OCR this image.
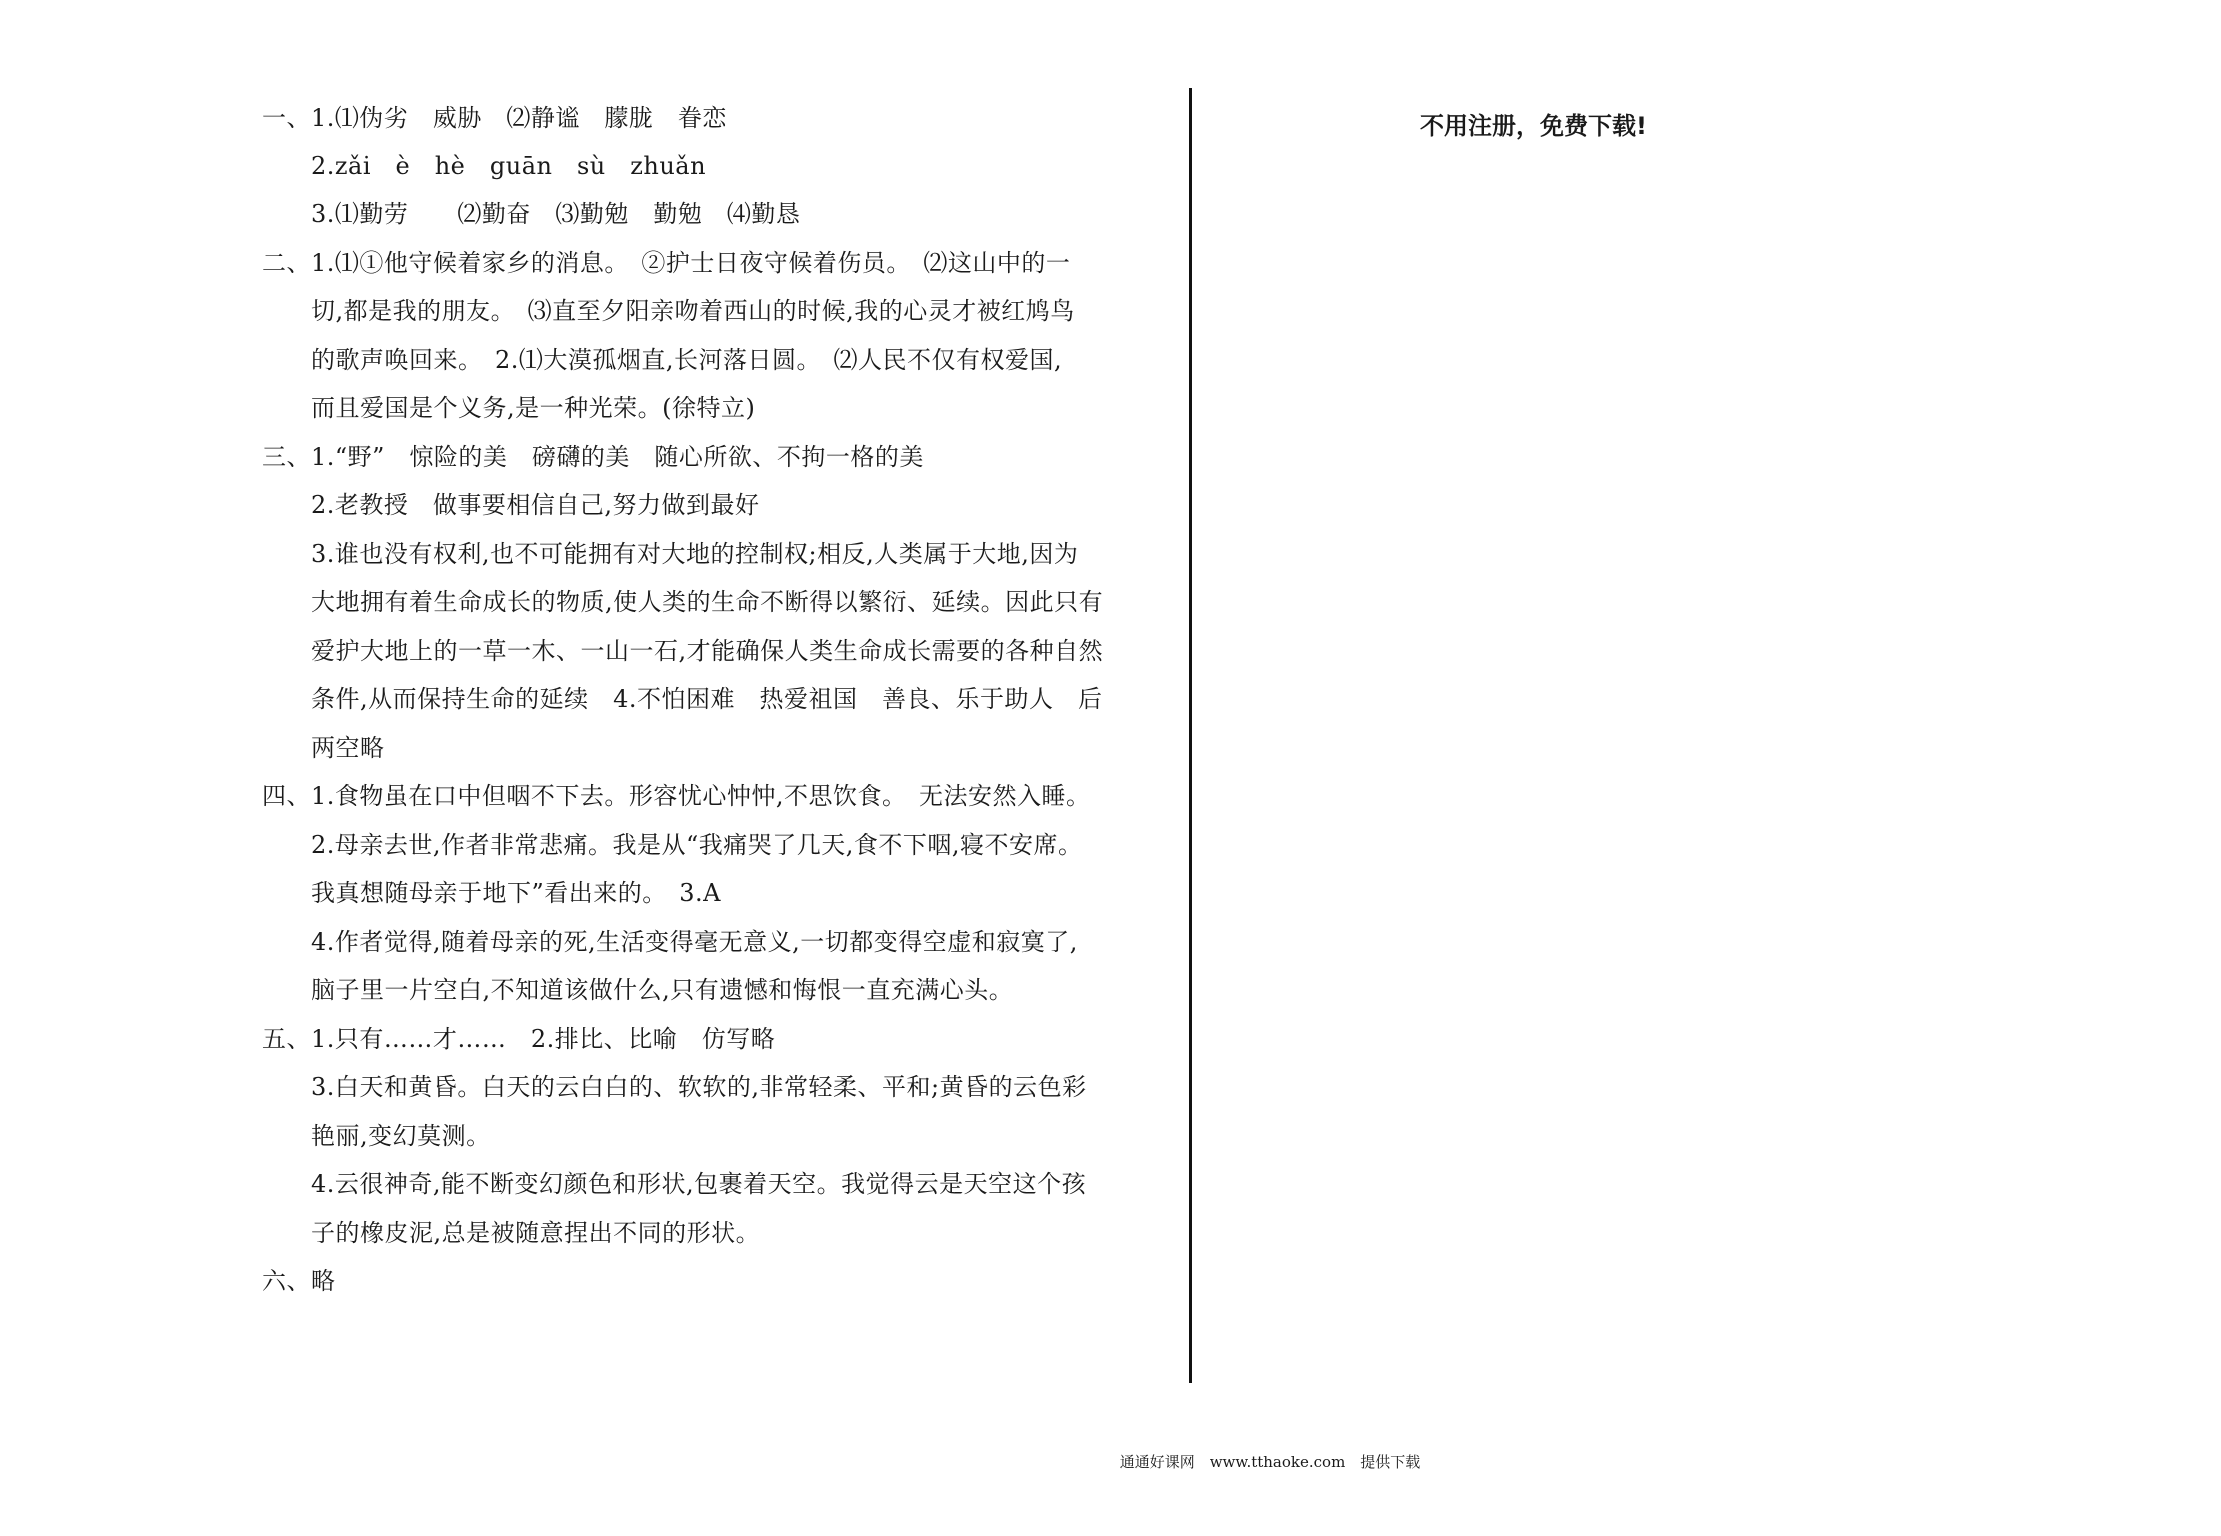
一、1.⑴伪劣　威胁　⑵静谧　朦胧　眷恋
　　2.zǎi　è　hè　guān　sù　zhuǎn
　　3.⑴勤劳　　⑵勤奋　⑶勤勉　勤勉　⑷勤恳
二、1.⑴①他守候着家乡的消息。　②护士日夜守候着伤员。　⑵这山中的一
　　切,都是我的朋友。　⑶直至夕阳亲吻着西山的时候,我的心灵才被红鸠鸟
　　的歌声唤回来。　2.⑴大漠孤烟直,长河落日圆。　⑵人民不仅有权爱国,
　　而且爱国是个义务,是一种光荣。(徐特立)
三、1.“野”　惊险的美　磅礴的美　随心所欲、不拘一格的美
　　2.老教授　做事要相信自己,努力做到最好
　　3.谁也没有权利,也不可能拥有对大地的控制权;相反,人类属于大地,因为
　　大地拥有着生命成长的物质,使人类的生命不断得以繁衍、延续。因此只有
　　爱护大地上的一草一木、一山一石,才能确保人类生命成长需要的各种自然
　　条件,从而保持生命的延续　4.不怕困难　热爱祖国　善良、乐于助人　后
　　两空略
四、1.食物虽在口中但咽不下去。形容忧心忡忡,不思饮食。　无法安然入睡。
　　2.母亲去世,作者非常悲痛。我是从“我痛哭了几天,食不下咽,寝不安席。
　　我真想随母亲于地下”看出来的。　3.A
　　4.作者觉得,随着母亲的死,生活变得毫无意义,一切都变得空虚和寂寞了,
　　脑子里一片空白,不知道该做什么,只有遗憾和悔恨一直充满心头。
五、1.只有……才……　2.排比、比喻　仿写略
　　3.白天和黄昏。白天的云白白的、软软的,非常轻柔、平和;黄昏的云色彩
　　艳丽,变幻莫测。
　　4.云很神奇,能不断变幻颜色和形状,包裹着天空。我觉得云是天空这个孩
　　子的橡皮泥,总是被随意捏出不同的形状。
六、略
不用注册，免费下载!
通通好课网　www.tthaoke.com　提供下载
